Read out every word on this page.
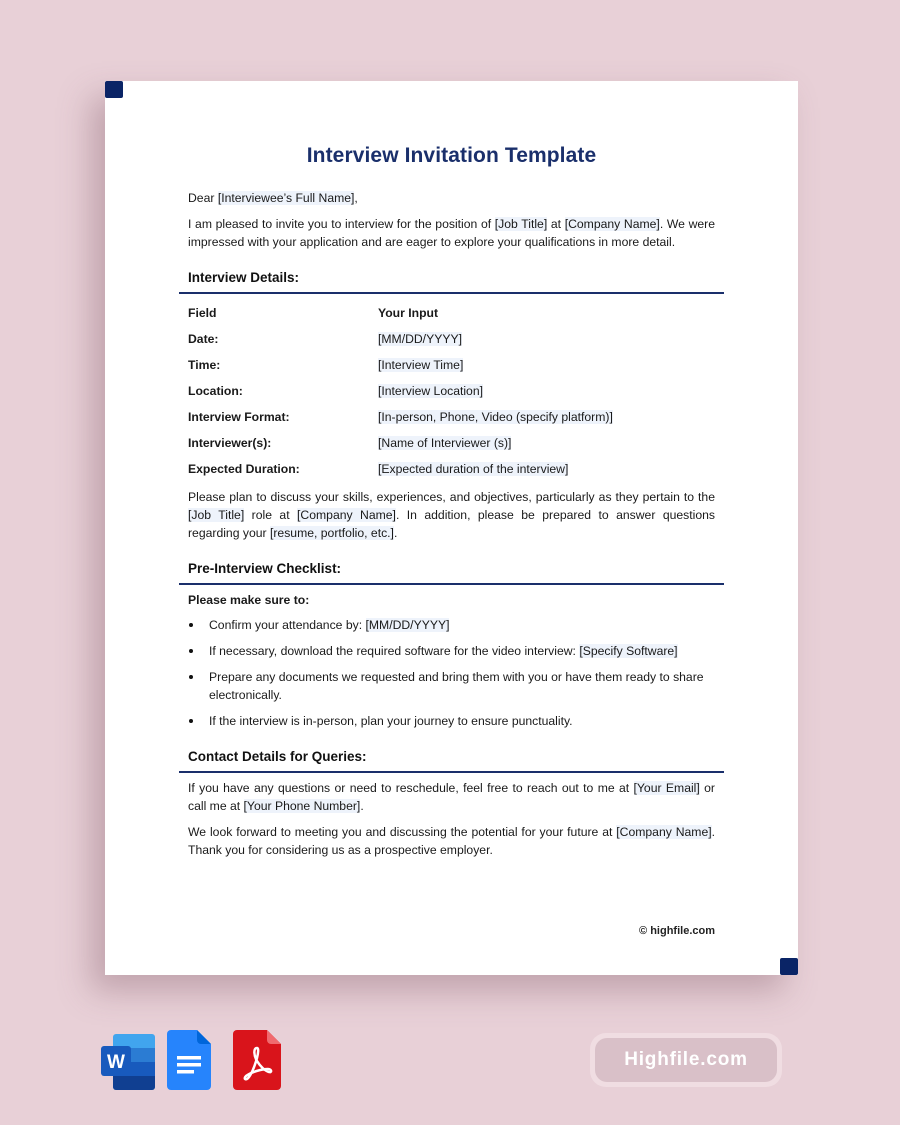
Interview Invitation Template

Dear [Interviewee’s Full Name],

I am pleased to invite you to interview for the position of [Job Title] at [Company Name]. We were impressed with your application and are eager to explore your qualifications in more detail.

Interview Details:
Field	Your Input
Date:	[MM/DD/YYYY]
Time:	[Interview Time]
Location:	[Interview Location]
Interview Format:	[In-person, Phone, Video (specify platform)]
Interviewer(s):	[Name of Interviewer (s)]
Expected Duration:	[Expected duration of the interview]

Please plan to discuss your skills, experiences, and objectives, particularly as they pertain to the [Job Title] role at [Company Name]. In addition, please be prepared to answer questions regarding your [resume, portfolio, etc.].

Pre-Interview Checklist:
Please make sure to:
Confirm your attendance by: [MM/DD/YYYY]
If necessary, download the required software for the video interview: [Specify Software]
Prepare any documents we requested and bring them with you or have them ready to share electronically.
If the interview is in-person, plan your journey to ensure punctuality.
Contact Details for Queries:

If you have any questions or need to reschedule, feel free to reach out to me at [Your Email] or call me at [Your Phone Number].

We look forward to meeting you and discussing the potential for your future at [Company Name]. Thank you for considering us as a prospective employer.

© highfile.com
W	Highfile.com
